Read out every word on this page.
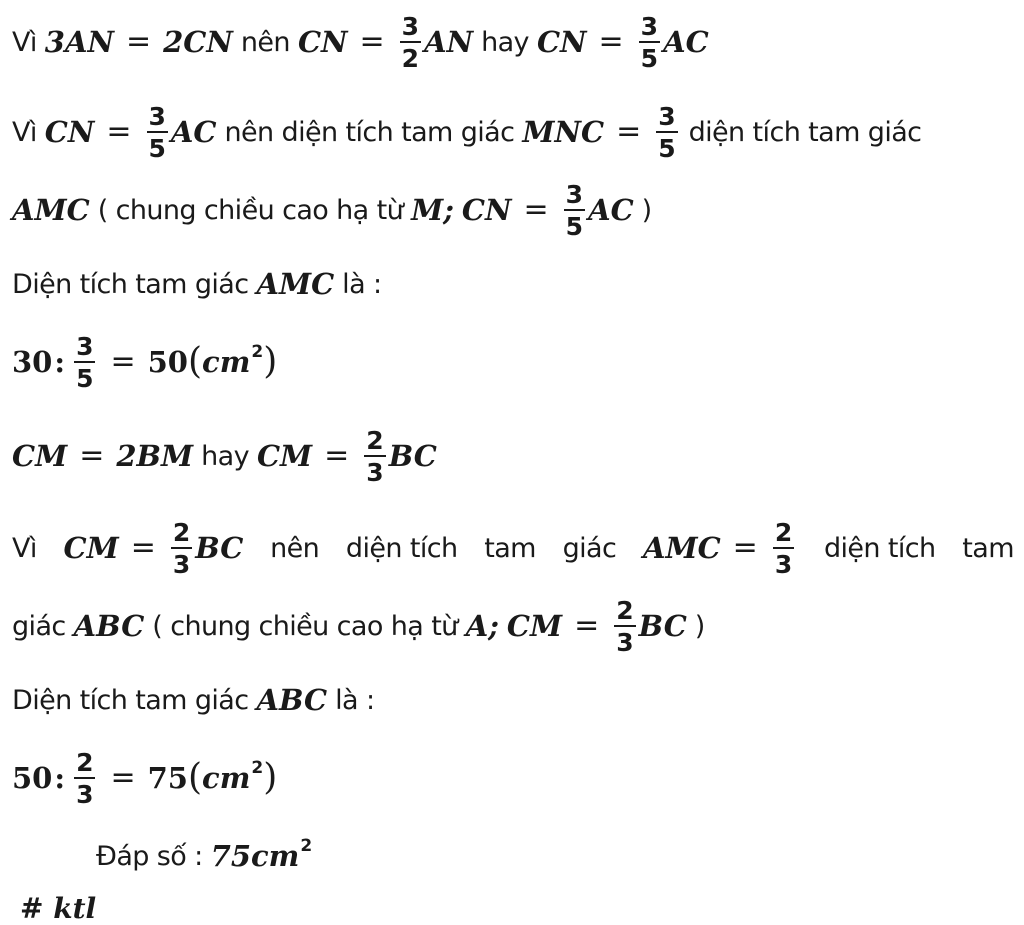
Vì 3AN = 2CN nên CN = $\frac{3}{2}$ AN hay CN = $\frac{3}{5}$ AC
Vì CN = $\frac{3}{5}$ AC nên diện tích tam giác MNC = $\frac{3}{5}$ diện tích tam giác
AMC ( chung chiều cao hạ từ M; CN = $\frac{3}{5}$ AC )
Diện tích tam giác AMC là :
30 : $\frac{3}{5} = 50$ ( $cm^2$ )
CM = 2BM hay CM = $\frac{2}{3}$ BC
Vì CM = $\frac{2}{3}$ BC nên diện tích tam giác AMC = $\frac{2}{3}$ diện tích tam
giác ABC ( chung chiều cao hạ từ A; CM = $\frac{2}{3}$ BC )
Diện tích tam giác ABC là :
50 : $\frac{2}{3} = 75$ ( $cm^2$ )
Đáp số : $75cm^2$
# ktl
